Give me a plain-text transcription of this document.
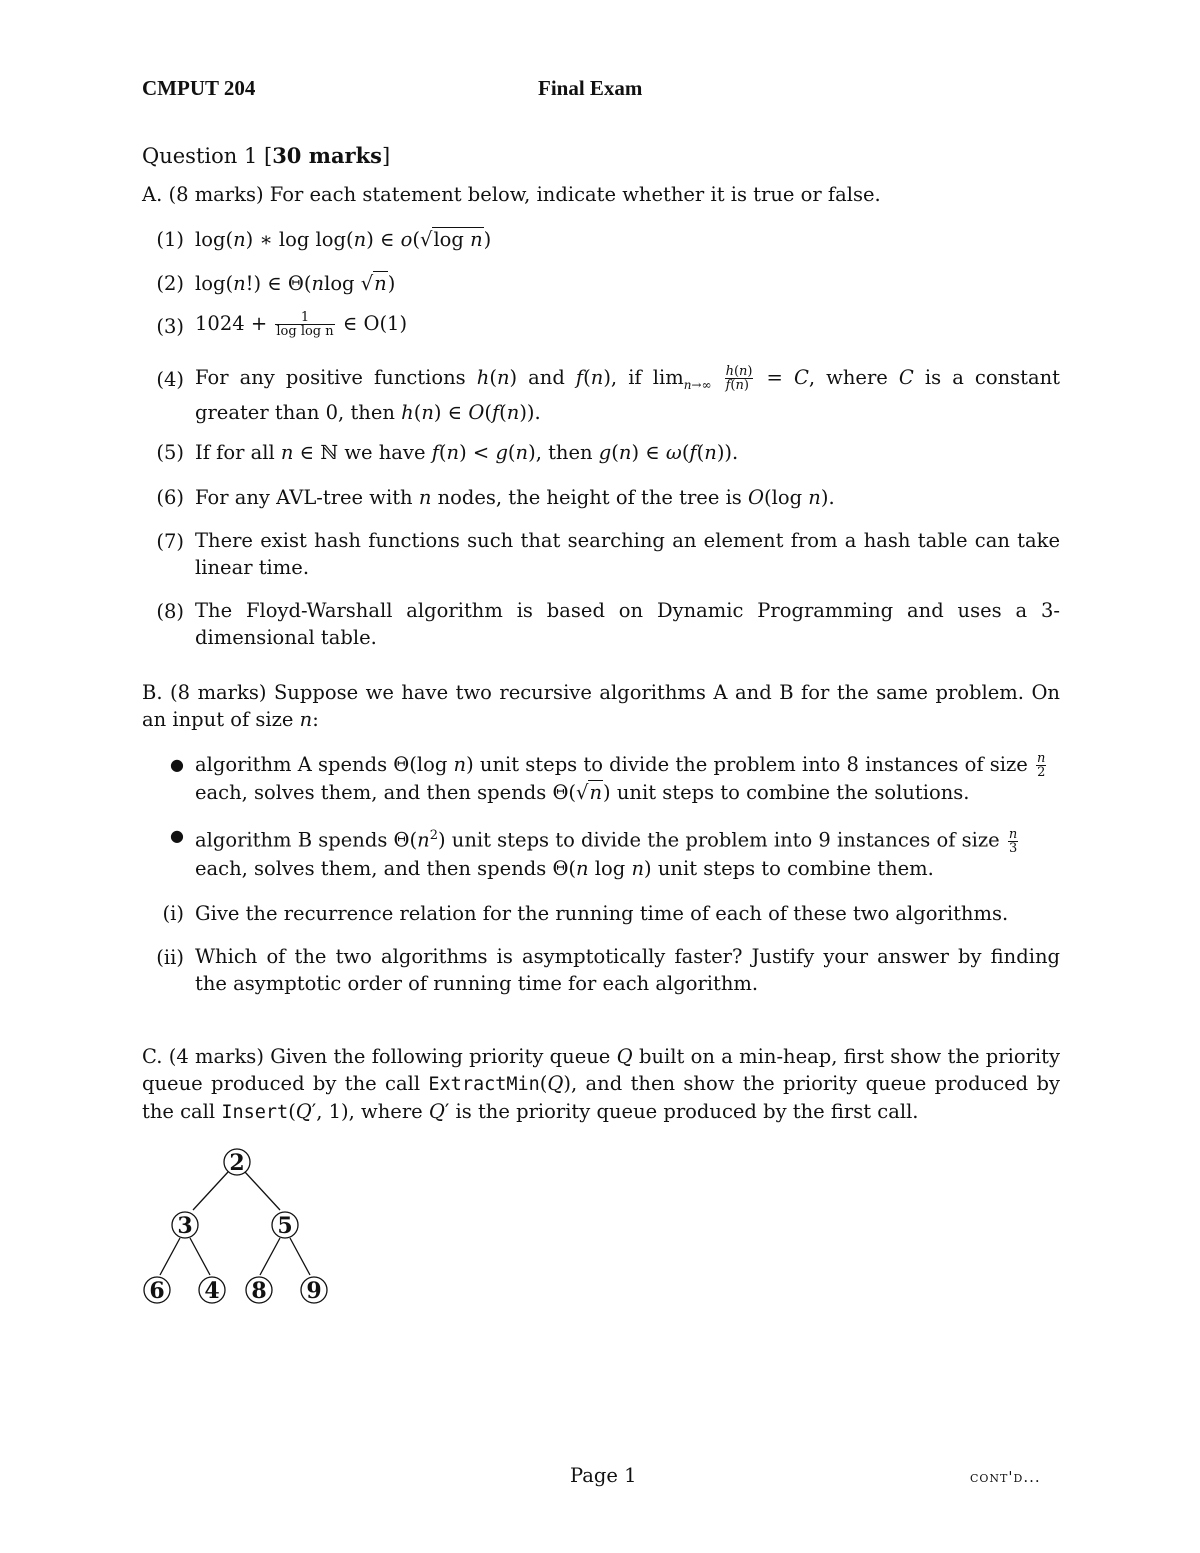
CMPUT 204	Final Exam
Question 1 [30 marks]
A. (8 marks) For each statement below, indicate whether it is true or false.
(1) log(n) ∗ log log(n) ∈ o(√log n)
(2) log(n!) ∈ Θ(nlog √n)
(3) $1024 + \frac{1}{\text{log log n}}$ ∈ O(1)
(4) For any positive functions h(n) and f(n), if $\lim_{n\to\infty} \frac{h(n)}{f(n)} = C$, where C is a constant greater than 0, then h(n) ∈ O(f(n)).
(5) If for all n ∈ ℕ we have f(n) < g(n), then g(n) ∈ ω(f(n)).
(6) For any AVL-tree with n nodes, the height of the tree is O(log n).
(7) There exist hash functions such that searching an element from a hash table can take linear time.
(8) The Floyd-Warshall algorithm is based on Dynamic Programming and uses a 3-dimensional table.
B. (8 marks) Suppose we have two recursive algorithms A and B for the same problem. On an input of size n:
● algorithm A spends Θ(log n) unit steps to divide the problem into 8 instances of size $\frac{n}{2}$
each, solves them, and then spends Θ(√n) unit steps to combine the solutions.
● algorithm B spends $\Theta(n^2)$ unit steps to divide the problem into 9 instances of size $\frac{n}{3}$
each, solves them, and then spends Θ(n log n) unit steps to combine them.
(i) Give the recurrence relation for the running time of each of these two algorithms.
(ii) Which of the two algorithms is asymptotically faster? Justify your answer by finding the asymptotic order of running time for each algorithm.
C. (4 marks) Given the following priority queue Q built on a min-heap, first show the priority queue produced by the call ExtractMin(Q), and then show the priority queue produced by the call Insert(Q′, 1), where Q′ is the priority queue produced by the first call.
2
3	5
6 4 8 9
Page 1	cont'd...
